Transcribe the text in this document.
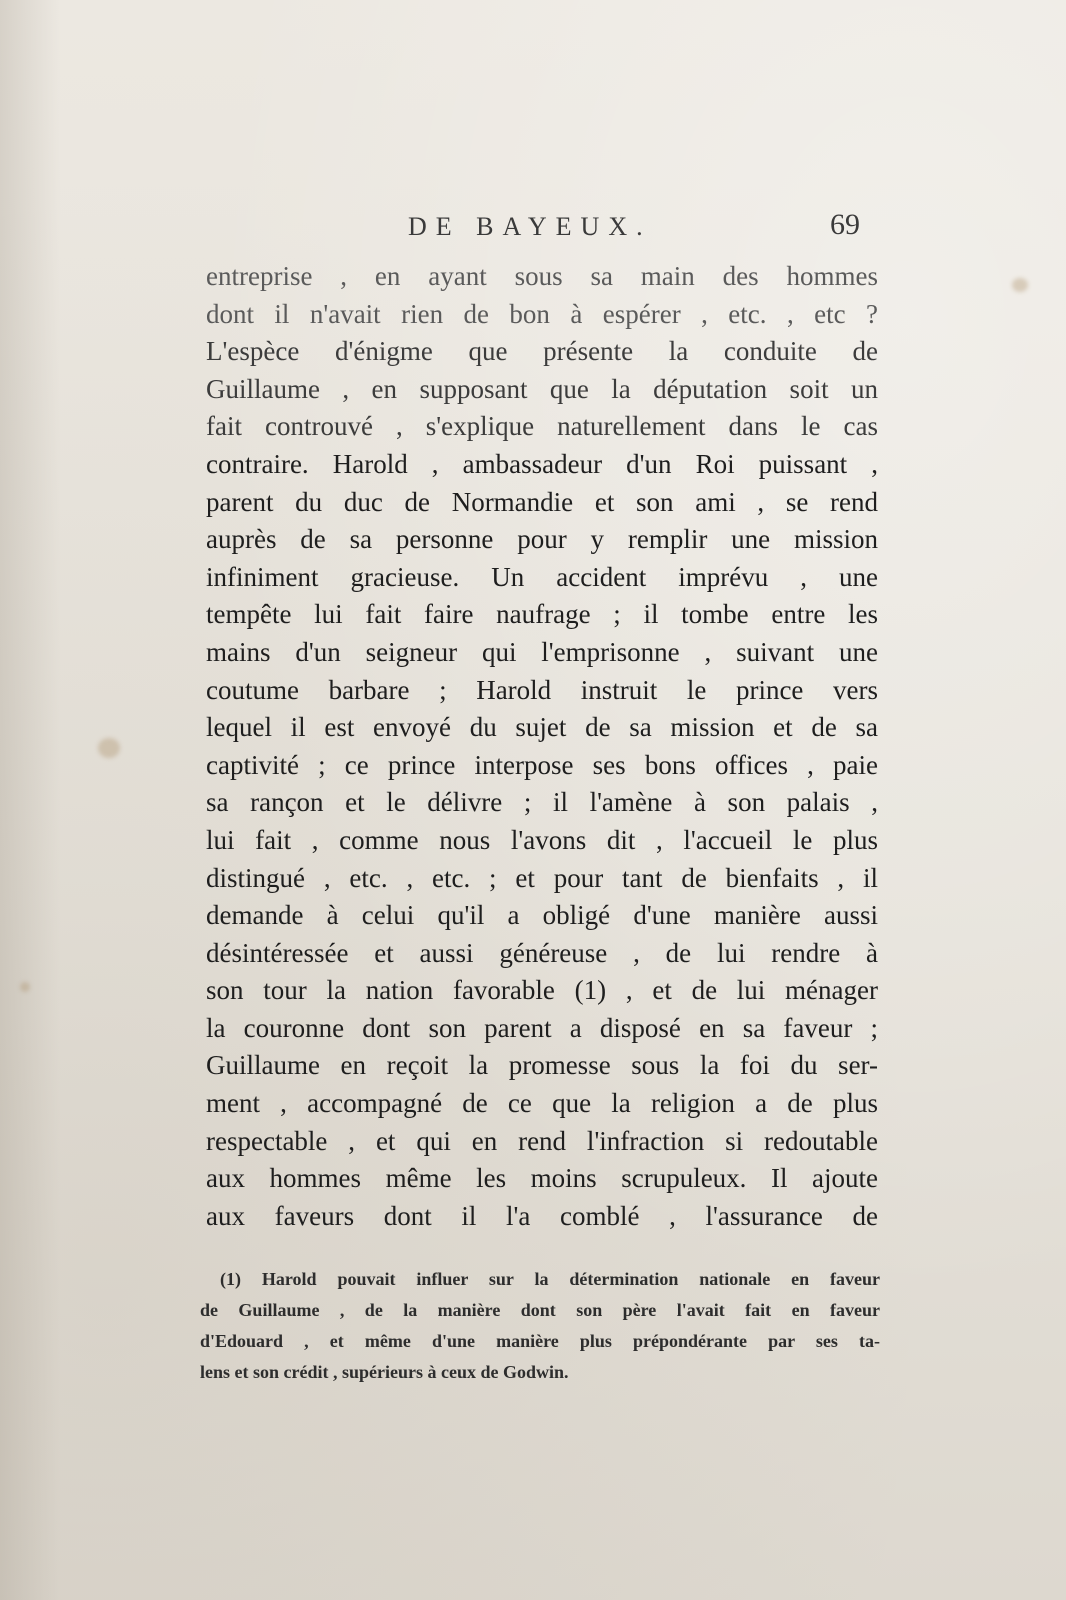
DE BAYEUX.	69
entreprise , en ayant sous sa main des hommes
dont il n'avait rien de bon à espérer , etc. , etc ?
L'espèce d'énigme que présente la conduite de
Guillaume , en supposant que la députation soit un
fait controuvé , s'explique naturellement dans le cas
contraire. Harold , ambassadeur d'un Roi puissant ,
parent du duc de Normandie et son ami , se rend
auprès de sa personne pour y remplir une mission
infiniment gracieuse. Un accident imprévu , une
tempête lui fait faire naufrage ; il tombe entre les
mains d'un seigneur qui l'emprisonne , suivant une
coutume barbare ; Harold instruit le prince vers
lequel il est envoyé du sujet de sa mission et de sa
captivité ; ce prince interpose ses bons offices , paie
sa rançon et le délivre ; il l'amène à son palais ,
lui fait , comme nous l'avons dit , l'accueil le plus
distingué , etc. , etc. ; et pour tant de bienfaits , il
demande à celui qu'il a obligé d'une manière aussi
désintéressée et aussi généreuse , de lui rendre à
son tour la nation favorable (1) , et de lui ménager
la couronne dont son parent a disposé en sa faveur ;
Guillaume en reçoit la promesse sous la foi du ser-
ment , accompagné de ce que la religion a de plus
respectable , et qui en rend l'infraction si redoutable
aux hommes même les moins scrupuleux. Il ajoute
aux faveurs dont il l'a comblé , l'assurance de
(1) Harold pouvait influer sur la détermination nationale en faveur
de Guillaume , de la manière dont son père l'avait fait en faveur
d'Edouard , et même d'une manière plus prépondérante par ses ta-
lens et son crédit , supérieurs à ceux de Godwin.
